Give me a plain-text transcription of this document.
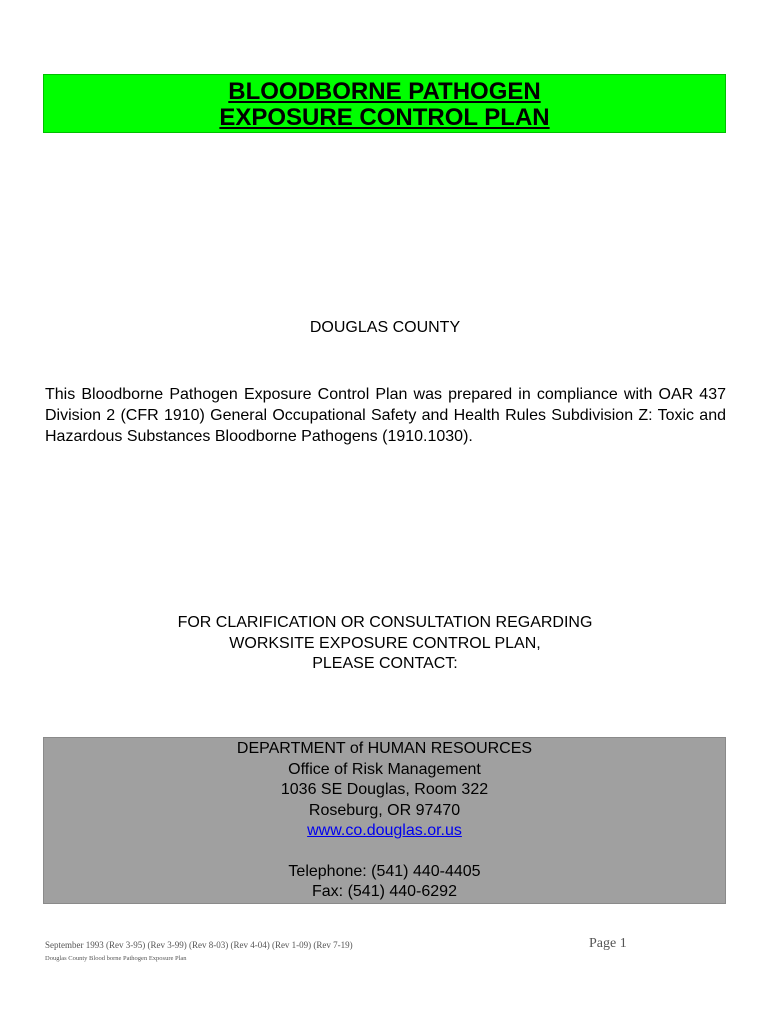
BLOODBORNE PATHOGEN
EXPOSURE CONTROL PLAN
DOUGLAS COUNTY
This Bloodborne Pathogen Exposure Control Plan was prepared in compliance with OAR 437 Division 2 (CFR 1910) General Occupational Safety and Health Rules Subdivision Z: Toxic and Hazardous Substances Bloodborne Pathogens (1910.1030).
FOR CLARIFICATION OR CONSULTATION REGARDING
WORKSITE EXPOSURE CONTROL PLAN,
PLEASE CONTACT:
DEPARTMENT of HUMAN RESOURCES
Office of Risk Management
1036 SE Douglas, Room 322
Roseburg, OR 97470
www.co.douglas.or.us
Telephone: (541) 440-4405
Fax: (541) 440-6292
September 1993 (Rev 3-95) (Rev 3-99) (Rev 8-03) (Rev 4-04) (Rev 1-09) (Rev 7-19)	Page 1
Douglas County Blood borne Pathogen Exposure Plan
